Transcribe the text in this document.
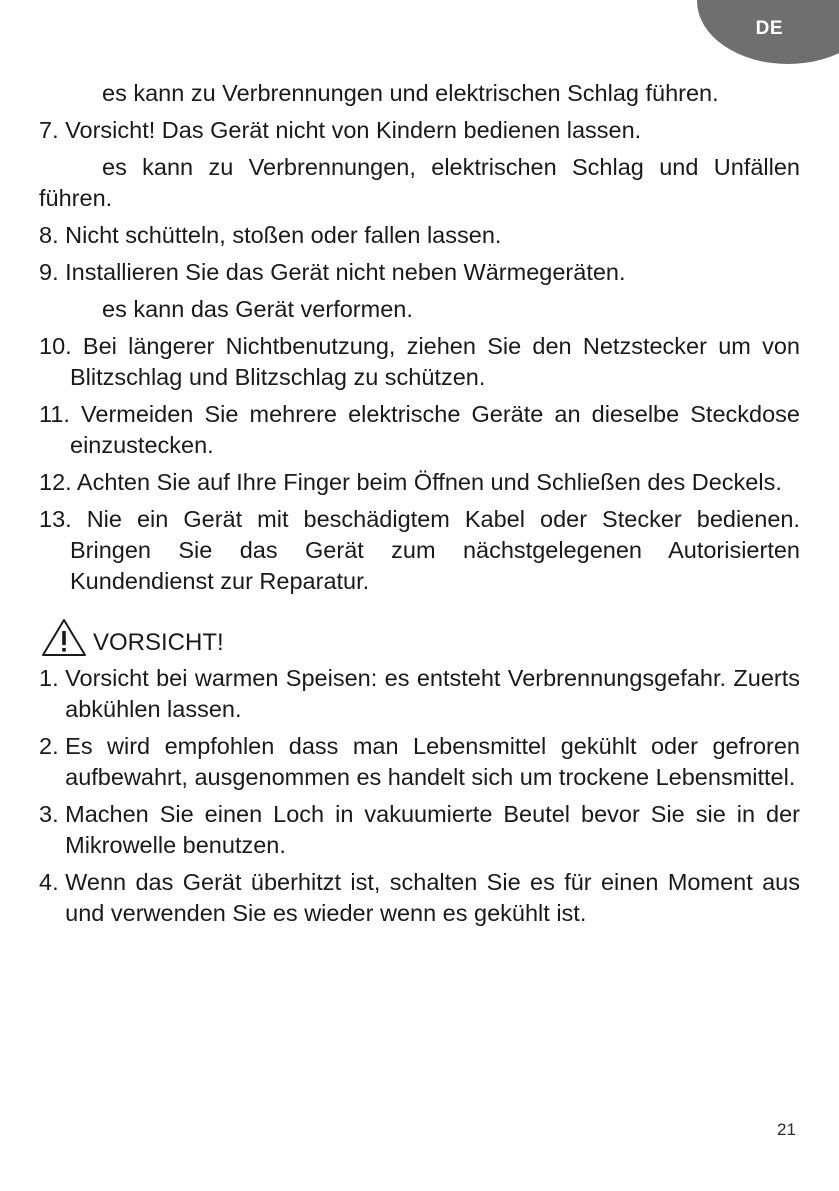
DE

es kann zu Verbrennungen und elektrischen Schlag führen.

7. Vorsicht! Das Gerät nicht von Kindern bedienen lassen.

es kann zu Verbrennungen, elektrischen Schlag und Unfällen führen.

8. Nicht schütteln, stoßen oder fallen lassen.

9. Installieren Sie das Gerät nicht neben Wärmegeräten.

es kann das Gerät verformen.

10. Bei längerer Nichtbenutzung, ziehen Sie den Netzstecker um von Blitzschlag und Blitzschlag zu schützen.

11. Vermeiden Sie mehrere elektrische Geräte an dieselbe Steckdose einzustecken.

12. Achten Sie auf Ihre Finger beim Öffnen und Schließen des Deckels.

13. Nie ein Gerät mit beschädigtem Kabel oder Stecker bedienen. Bringen Sie das Gerät zum nächstgelegenen Autorisierten Kundendienst zur Reparatur.

VORSICHT!
1. Vorsicht bei warmen Speisen: es entsteht Verbrennungsgefahr. Zuerts abkühlen lassen.
2. Es wird empfohlen dass man Lebensmittel gekühlt oder gefroren aufbewahrt, ausgenommen es handelt sich um trockene Lebensmittel.
3. Machen Sie einen Loch in vakuumierte Beutel bevor Sie sie in der Mikrowelle benutzen.
4. Wenn das Gerät überhitzt ist, schalten Sie es für einen Moment aus und verwenden Sie es wieder wenn es gekühlt ist.
21
